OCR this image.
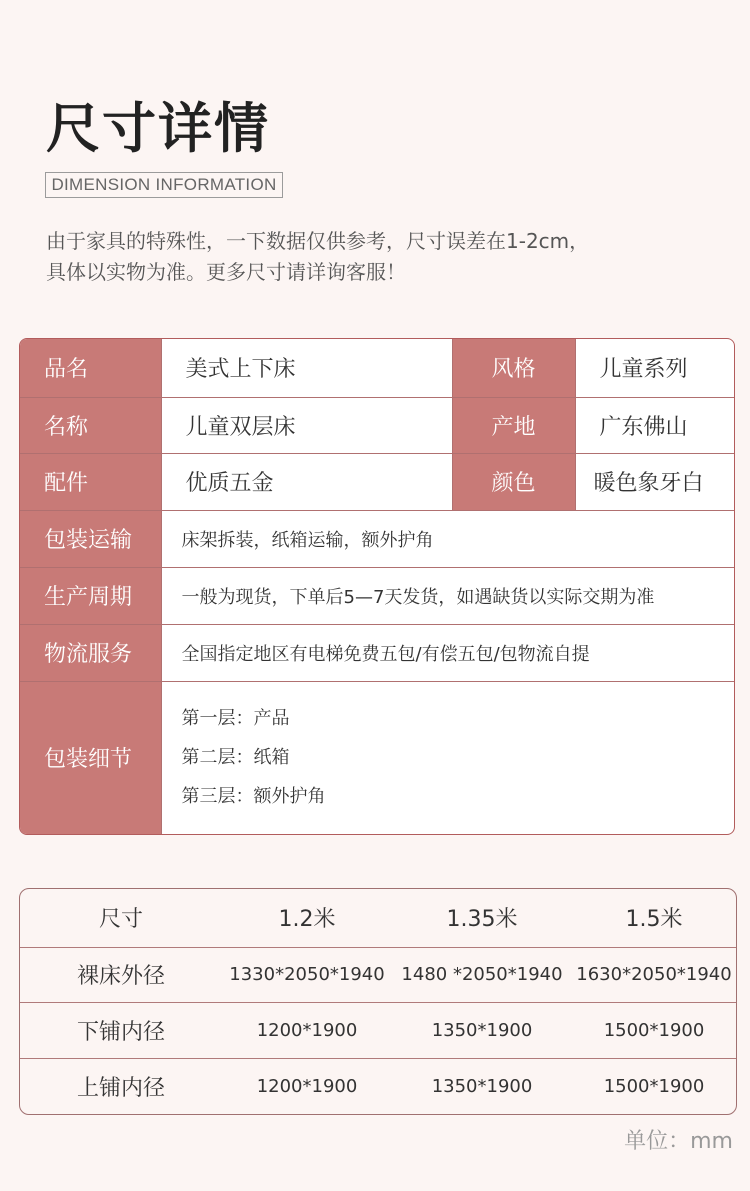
尺寸详情
DIMENSION INFORMATION
由于家具的特殊性，一下数据仅供参考，尺寸误差在1-2cm，
具体以实物为准。更多尺寸请详询客服！
品名	美式上下床	风格	儿童系列
名称	儿童双层床	产地	广东佛山
配件	优质五金	颜色	暖色象牙白
包装运输	床架拆装，纸箱运输，额外护角		
生产周期	一般为现货，下单后5—7天发货，如遇缺货以实际交期为准		
物流服务	全国指定地区有电梯免费五包/有偿五包/包物流自提		
包装细节	第一层：产品
第二层：纸箱
第三层：额外护角		
尺寸	1.2米	1.35米	1.5米
裸床外径	1330*2050*1940	1480 *2050*1940	1630*2050*1940
下铺内径	1200*1900	1350*1900	1500*1900
上铺内径	1200*1900	1350*1900	1500*1900
单位：mm
